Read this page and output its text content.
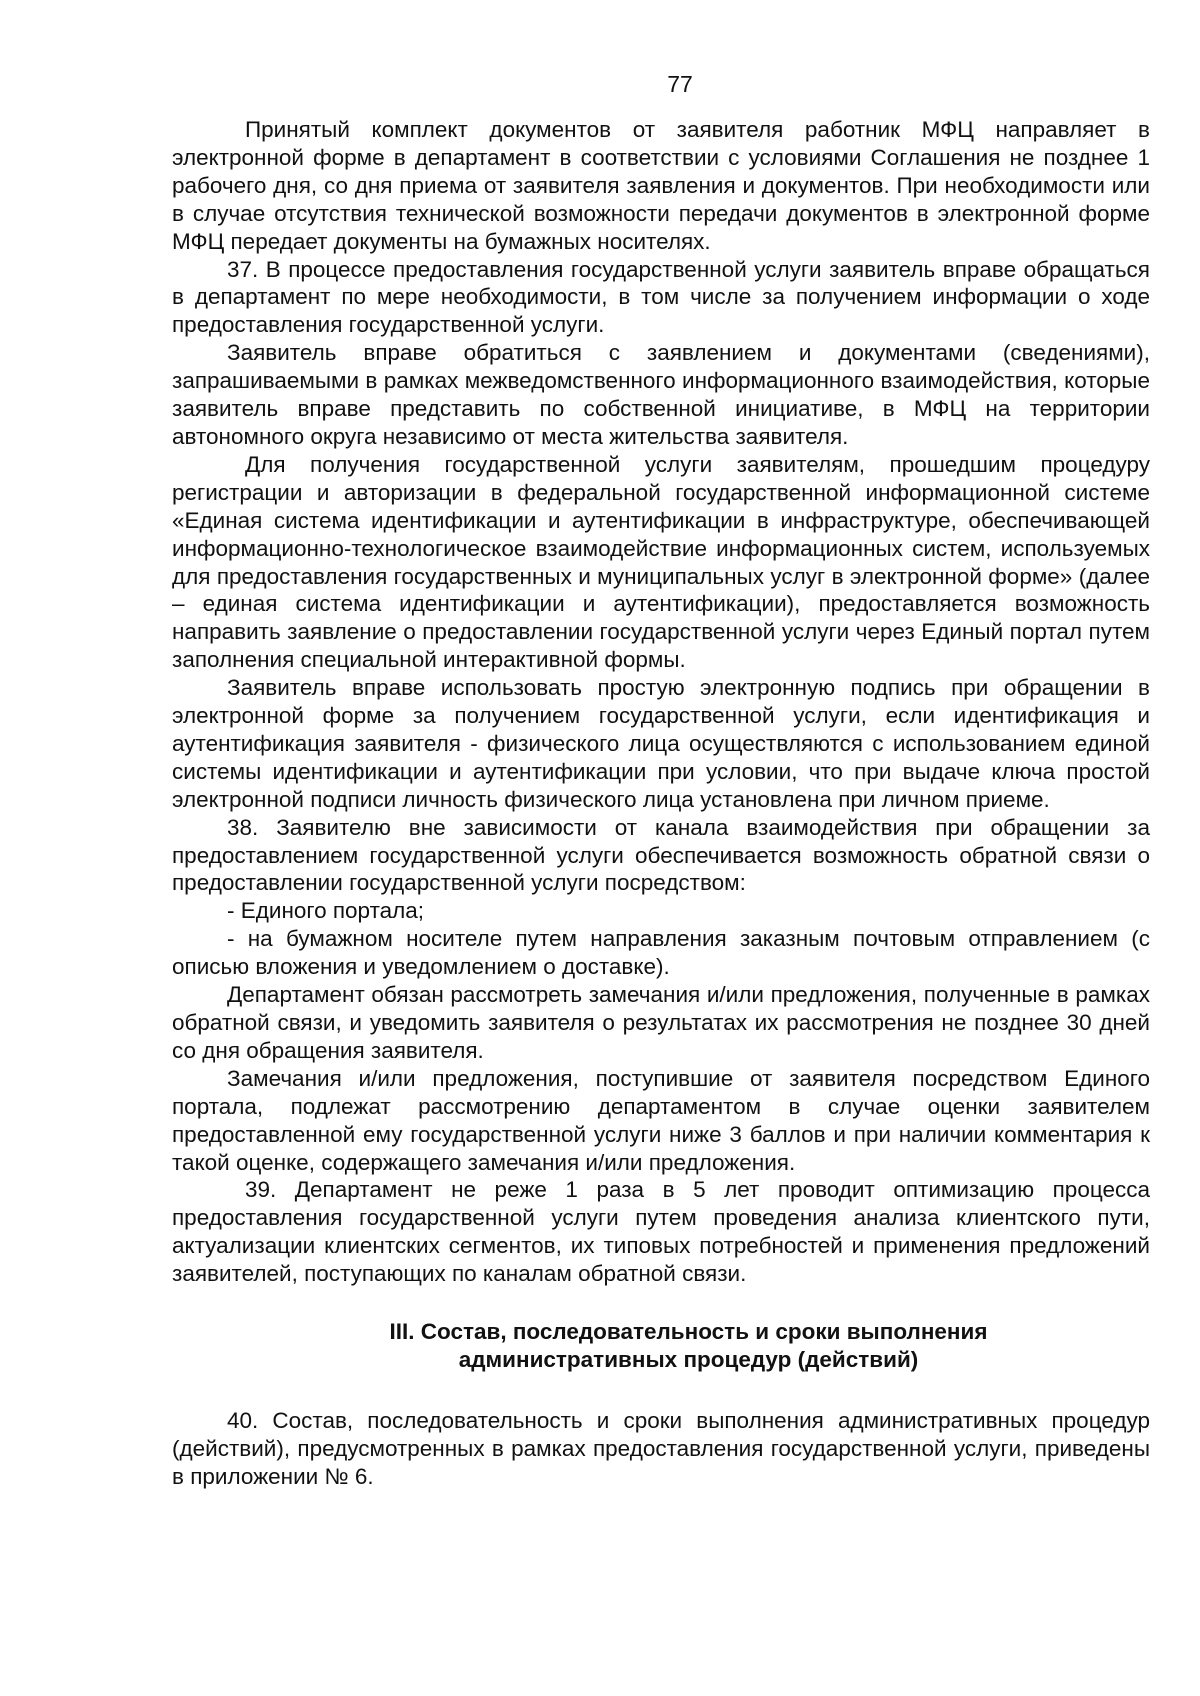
77

Принятый комплект документов от заявителя работник МФЦ направляет в электронной форме в департамент в соответствии с условиями Соглашения не позднее 1 рабочего дня, со дня приема от заявителя заявления и документов. При необходимости или в случае отсутствия технической возможности передачи документов в электронной форме МФЦ передает документы на бумажных носителях.

37. В процессе предоставления государственной услуги заявитель вправе обращаться в департамент по мере необходимости, в том числе за получением информации о ходе предоставления государственной услуги.

Заявитель вправе обратиться с заявлением и документами (сведениями), запрашиваемыми в рамках межведомственного информационного взаимодействия, которые заявитель вправе представить по собственной инициативе, в МФЦ на территории автономного округа независимо от места жительства заявителя.

Для получения государственной услуги заявителям, прошедшим процедуру регистрации и авторизации в федеральной государственной информационной системе «Единая система идентификации и аутентификации в инфраструктуре, обеспечивающей информационно-технологическое взаимодействие информационных систем, используемых для предоставления государственных и муниципальных услуг в электронной форме» (далее – единая система идентификации и аутентификации), предоставляется возможность направить заявление о предоставлении государственной услуги через Единый портал путем заполнения специальной интерактивной формы.

Заявитель вправе использовать простую электронную подпись при обращении в электронной форме за получением государственной услуги, если идентификация и аутентификация заявителя - физического лица осуществляются с использованием единой системы идентификации и аутентификации при условии, что при выдаче ключа простой электронной подписи личность физического лица установлена при личном приеме.

38. Заявителю вне зависимости от канала взаимодействия при обращении за предоставлением государственной услуги обеспечивается возможность обратной связи о предоставлении государственной услуги посредством:

- Единого портала;

- на бумажном носителе путем направления заказным почтовым отправлением (с описью вложения и уведомлением о доставке).

Департамент обязан рассмотреть замечания и/или предложения, полученные в рамках обратной связи, и уведомить заявителя о результатах их рассмотрения не позднее 30 дней со дня обращения заявителя.

Замечания и/или предложения, поступившие от заявителя посредством Единого портала, подлежат рассмотрению департаментом в случае оценки заявителем предоставленной ему государственной услуги ниже 3 баллов и при наличии комментария к такой оценке, содержащего замечания и/или предложения.

39. Департамент не реже 1 раза в 5 лет проводит оптимизацию процесса предоставления государственной услуги путем проведения анализа клиентского пути, актуализации клиентских сегментов, их типовых потребностей и применения предложений заявителей, поступающих по каналам обратной связи.

III. Состав, последовательность и сроки выполнения
административных процедур (действий)

40. Состав, последовательность и сроки выполнения административных процедур (действий), предусмотренных в рамках предоставления государственной услуги, приведены в приложении № 6.
